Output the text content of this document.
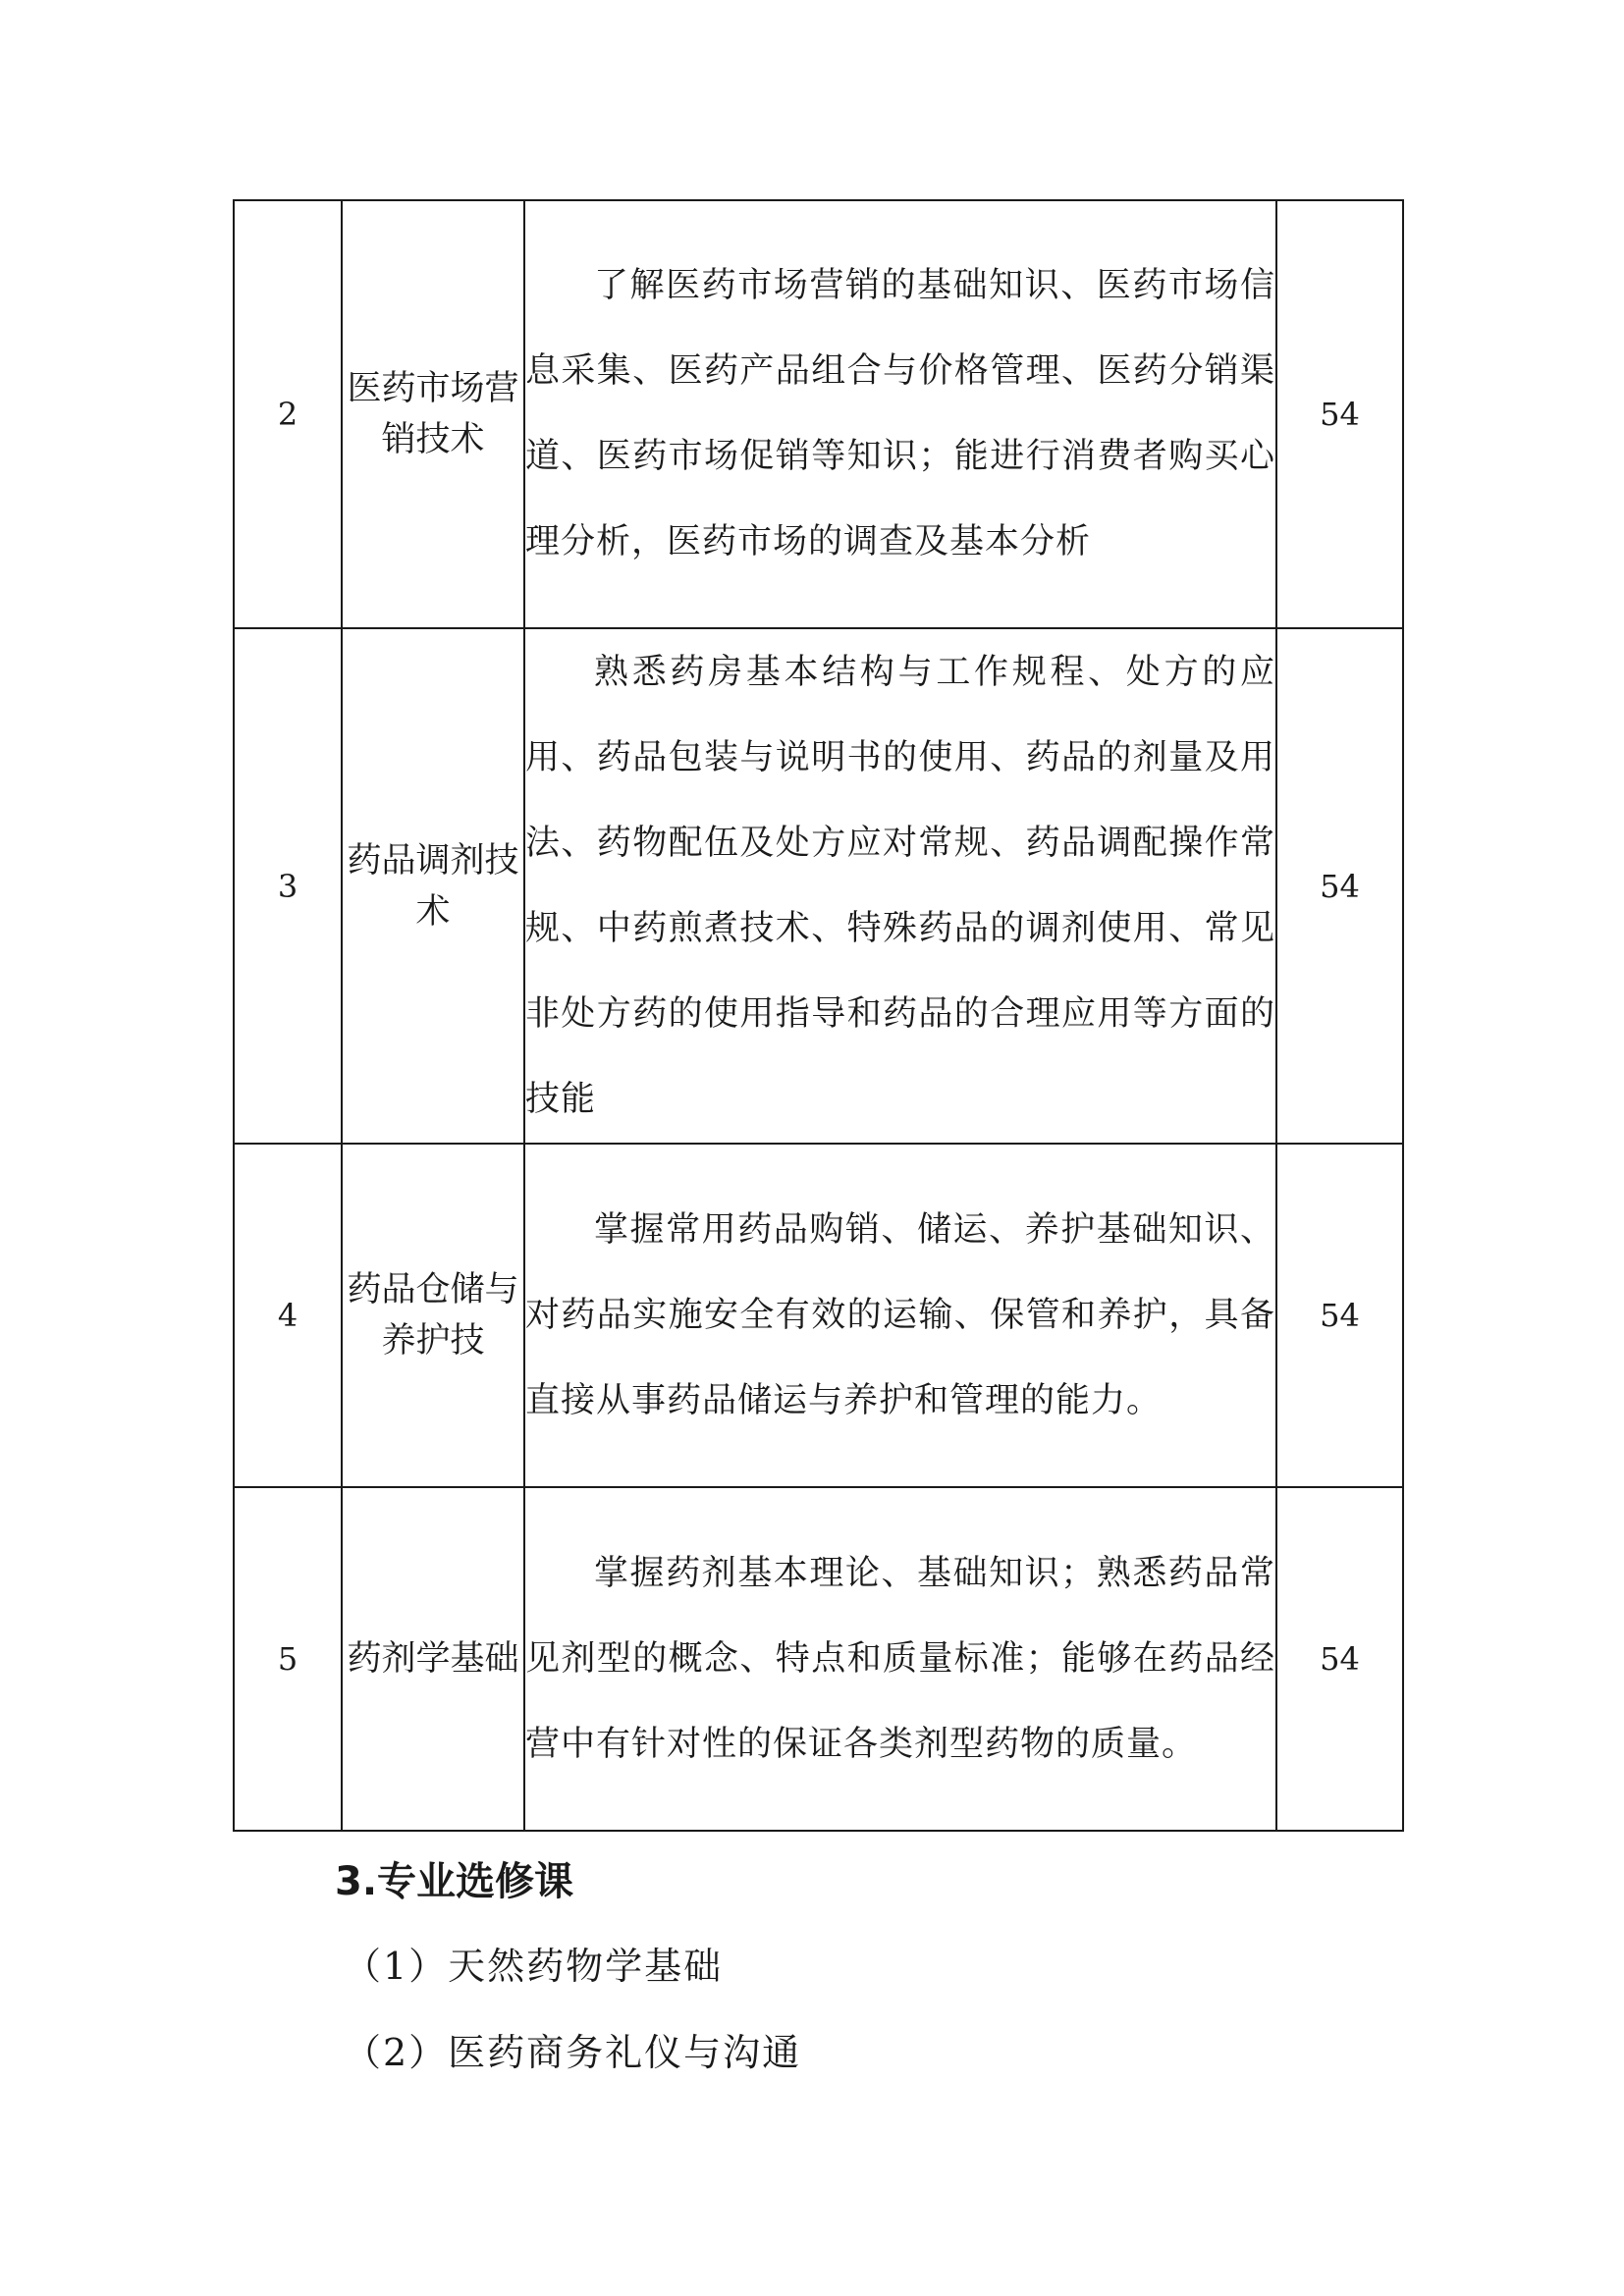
2	医药市场营销技术	了解医药市场营销的基础知识、医药市场信息采集、医药产品组合与价格管理、医药分销渠道、医药市场促销等知识；能进行消费者购买心理分析，医药市场的调查及基本分析	54
3	药品调剂技术	熟悉药房基本结构与工作规程、处方的应用、药品包装与说明书的使用、药品的剂量及用法、药物配伍及处方应对常规、药品调配操作常规、中药煎煮技术、特殊药品的调剂使用、常见非处方药的使用指导和药品的合理应用等方面的技能	54
4	药品仓储与养护技	掌握常用药品购销、储运、养护基础知识、对药品实施安全有效的运输、保管和养护，具备直接从事药品储运与养护和管理的能力。	54
5	药剂学基础	掌握药剂基本理论、基础知识；熟悉药品常见剂型的概念、特点和质量标准；能够在药品经营中有针对性的保证各类剂型药物的质量。	54
3.专业选修课
（1）天然药物学基础
（2）医药商务礼仪与沟通
